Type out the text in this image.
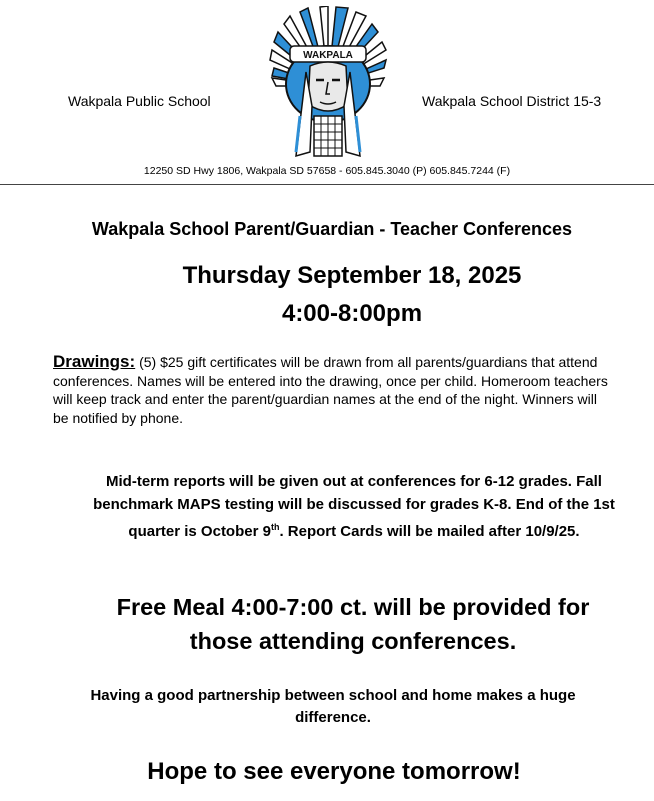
Wakpala Public School
WAKPALA
Wakpala School District 15-3
12250 SD Hwy 1806, Wakpala SD 57658 - 605.845.3040 (P) 605.845.7244 (F)
Wakpala School Parent/Guardian - Teacher Conferences
Thursday September 18, 2025
4:00-8:00pm
Drawings: (5) $25 gift certificates will be drawn from all parents/guardians that attend conferences. Names will be entered into the drawing, once per child. Homeroom teachers will keep track and enter the parent/guardian names at the end of the night. Winners will be notified by phone.
Mid-term reports will be given out at conferences for 6-12 grades. Fall benchmark MAPS testing will be discussed for grades K-8. End of the 1st quarter is October 9th. Report Cards will be mailed after 10/9/25.
Free Meal 4:00-7:00 ct. will be provided for those attending conferences.
Having a good partnership between school and home makes a huge difference.
Hope to see everyone tomorrow!
